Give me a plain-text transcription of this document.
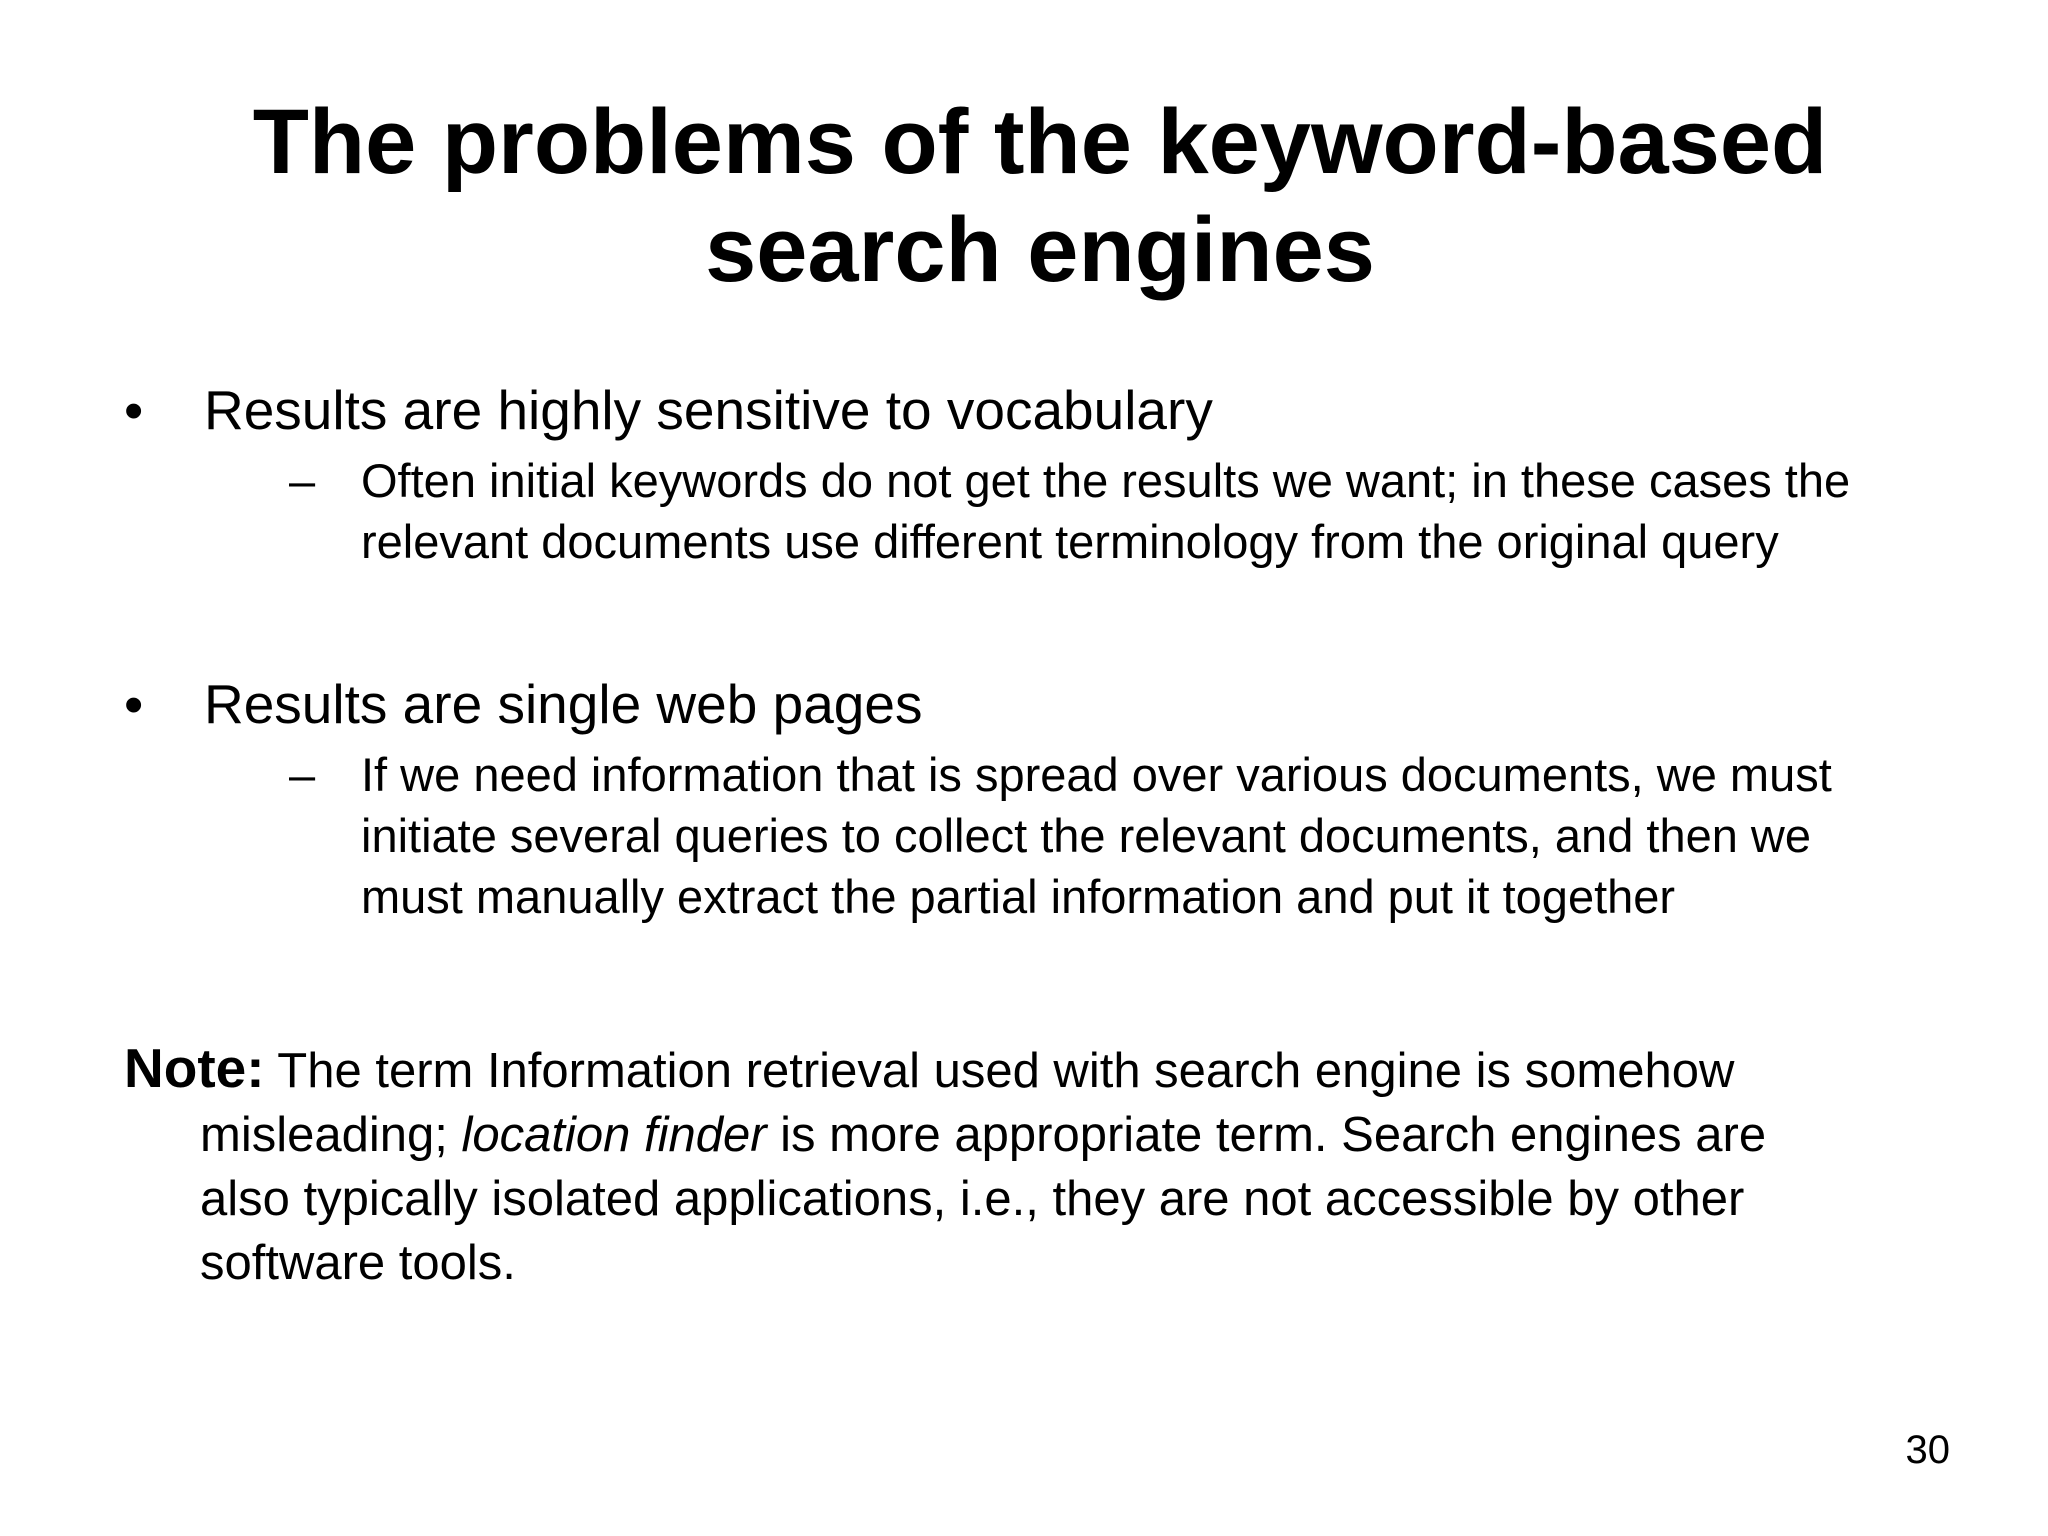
The problems of the keyword-based
search engines
• Results are highly sensitive to vocabulary
– Often initial keywords do not get the results we want; in these cases the
relevant documents use different terminology from the original query
• Results are single web pages
– If we need information that is spread over various documents, we must
initiate several queries to collect the relevant documents, and then we
must manually extract the partial information and put it together
Note: The term Information retrieval used with search engine is somehow
misleading; location finder is more appropriate term. Search engines are
also typically isolated applications, i.e., they are not accessible by other
software tools.
30
